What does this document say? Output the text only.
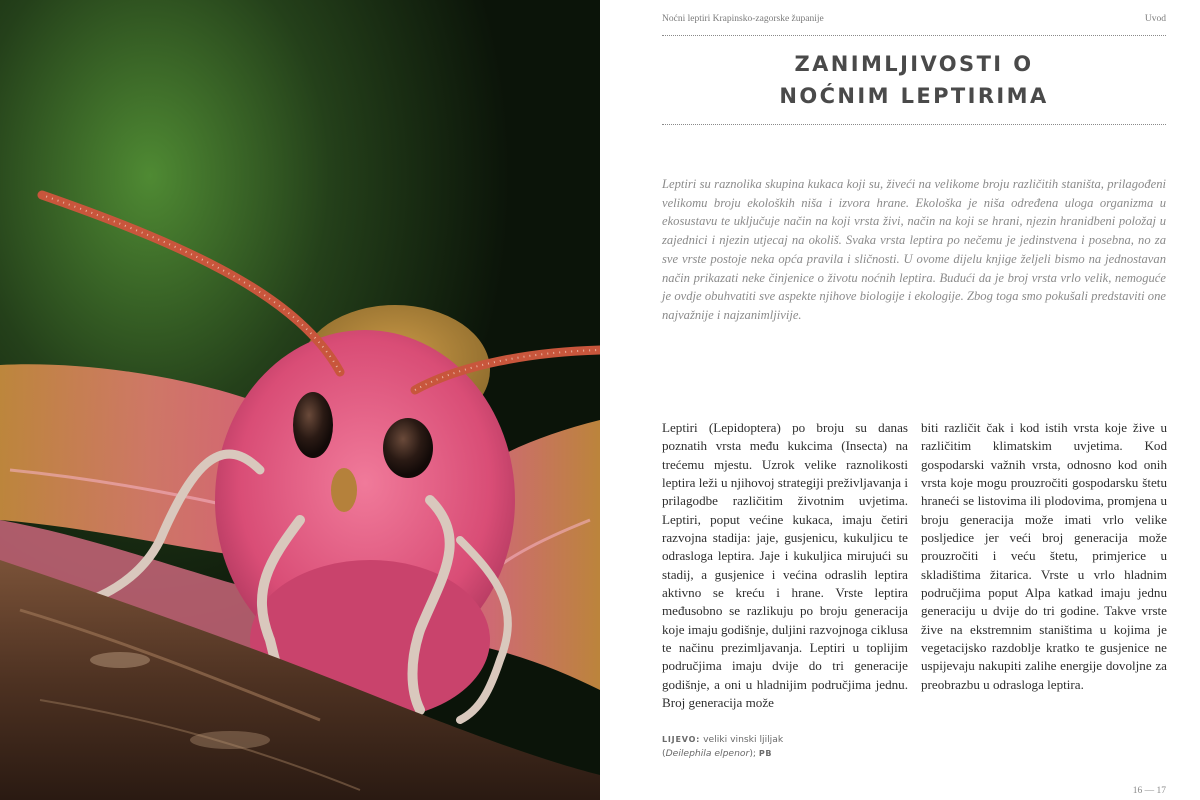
Noćni leptiri Krapinsko-zagorske županije	Uvod
ZANIMLJIVOSTI O
NOĆNIM LEPTIRIMA

Leptiri su raznolika skupina kukaca koji su, živeći na velikome broju različitih staništa, prilagođeni velikomu broju ekoloških niša i izvora hrane. Ekološka je niša određena uloga organizma u ekosustavu te uključuje način na koji vrsta živi, način na koji se hrani, njezin hranidbeni položaj u zajednici i njezin utjecaj na okoliš. Svaka vrsta leptira po nečemu je jedinstvena i posebna, no za sve vrste postoje neka opća pravila i sličnosti. U ovome dijelu knjige željeli bismo na jednostavan način prikazati neke činjenice o životu noćnih leptira. Budući da je broj vrsta vrlo velik, nemoguće je ovdje obuhvatiti sve aspekte njihove biologije i ekologije. Zbog toga smo pokušali predstaviti one najvažnije i najzanimljivije.

Leptiri (Lepidoptera) po broju su danas poznatih vrsta među kukcima (Insecta) na trećemu mjestu. Uzrok velike raznolikosti leptira leži u njihovoj strategiji preživljavanja i prilagodbe različitim životnim uvjetima. Leptiri, poput većine kukaca, imaju četiri razvojna stadija: jaje, gusjenicu, kukuljicu te odrasloga leptira. Jaje i kukuljica mirujući su stadij, a gusjenice i većina odraslih leptira aktivno se kreću i hrane. Vrste leptira međusobno se razlikuju po broju generacija koje imaju godišnje, duljini razvojnoga ciklusa te načinu prezimljavanja. Leptiri u toplijim područjima imaju dvije do tri generacije godišnje, a oni u hladnijim područjima jednu. Broj generacija može

biti različit čak i kod istih vrsta koje žive u različitim klimatskim uvjetima. Kod gospodarski važnih vrsta, odnosno kod onih vrsta koje mogu prouzročiti gospodarsku štetu hraneći se listovima ili plodovima, promjena u broju generacija može imati vrlo velike posljedice jer veći broj generacija može prouzročiti i veću štetu, primjerice u skladištima žitarica. Vrste u vrlo hladnim područjima poput Alpa katkad imaju jednu generaciju u dvije do tri godine. Takve vrste žive na ekstremnim staništima u kojima je vegetacijsko razdoblje kratko te gusjenice ne uspijevaju nakupiti zalihe energije dovoljne za preobrazbu u odrasloga leptira.

LIJEVO: veliki vinski ljiljak
(Deilephila elpenor); PB
16 — 17
